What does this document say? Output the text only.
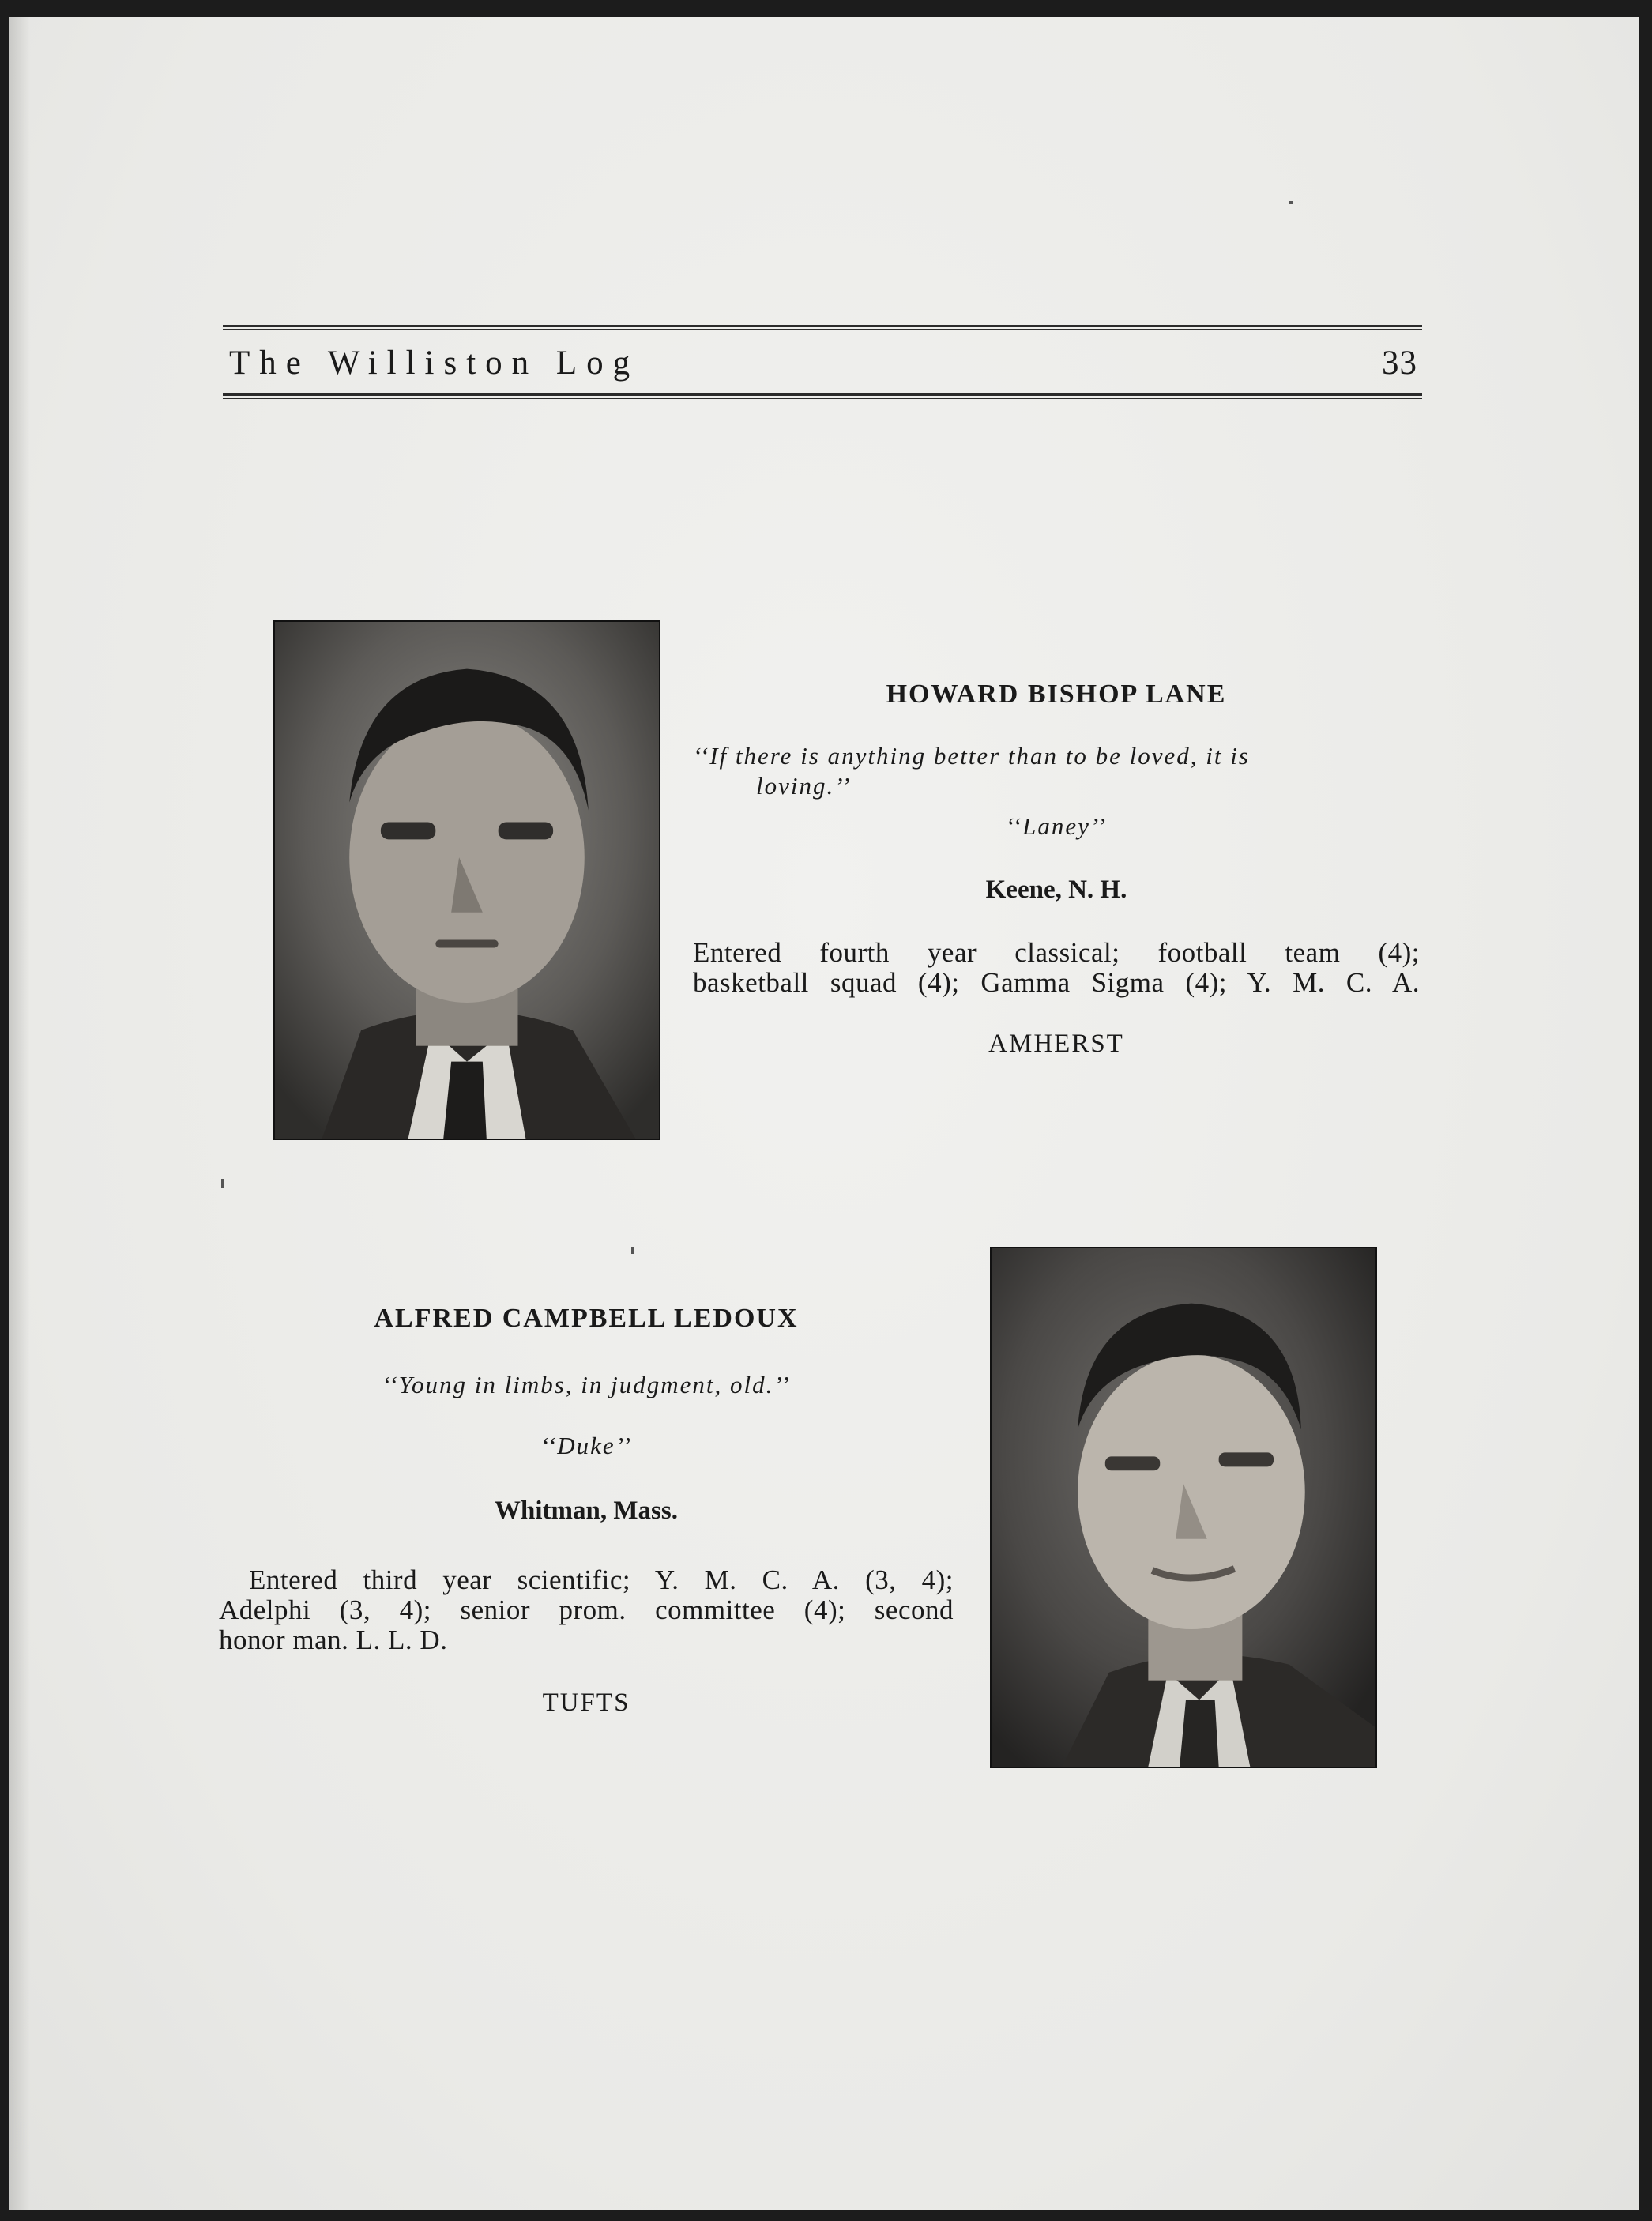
The Williston Log	33
HOWARD BISHOP LANE
‘‘If there is anything better than to be loved, it is
loving.’’
‘‘Laney’’
Keene, N. H.
Entered fourth year classical; football team (4);
basketball squad (4); Gamma Sigma (4); Y. M. C. A.
AMHERST
ALFRED CAMPBELL LEDOUX
‘‘Young in limbs, in judgment, old.’’
‘‘Duke’’
Whitman, Mass.
Entered third year scientific; Y. M. C. A. (3, 4);
Adelphi (3, 4); senior prom. committee (4); second
honor man. L. L. D.
TUFTS
